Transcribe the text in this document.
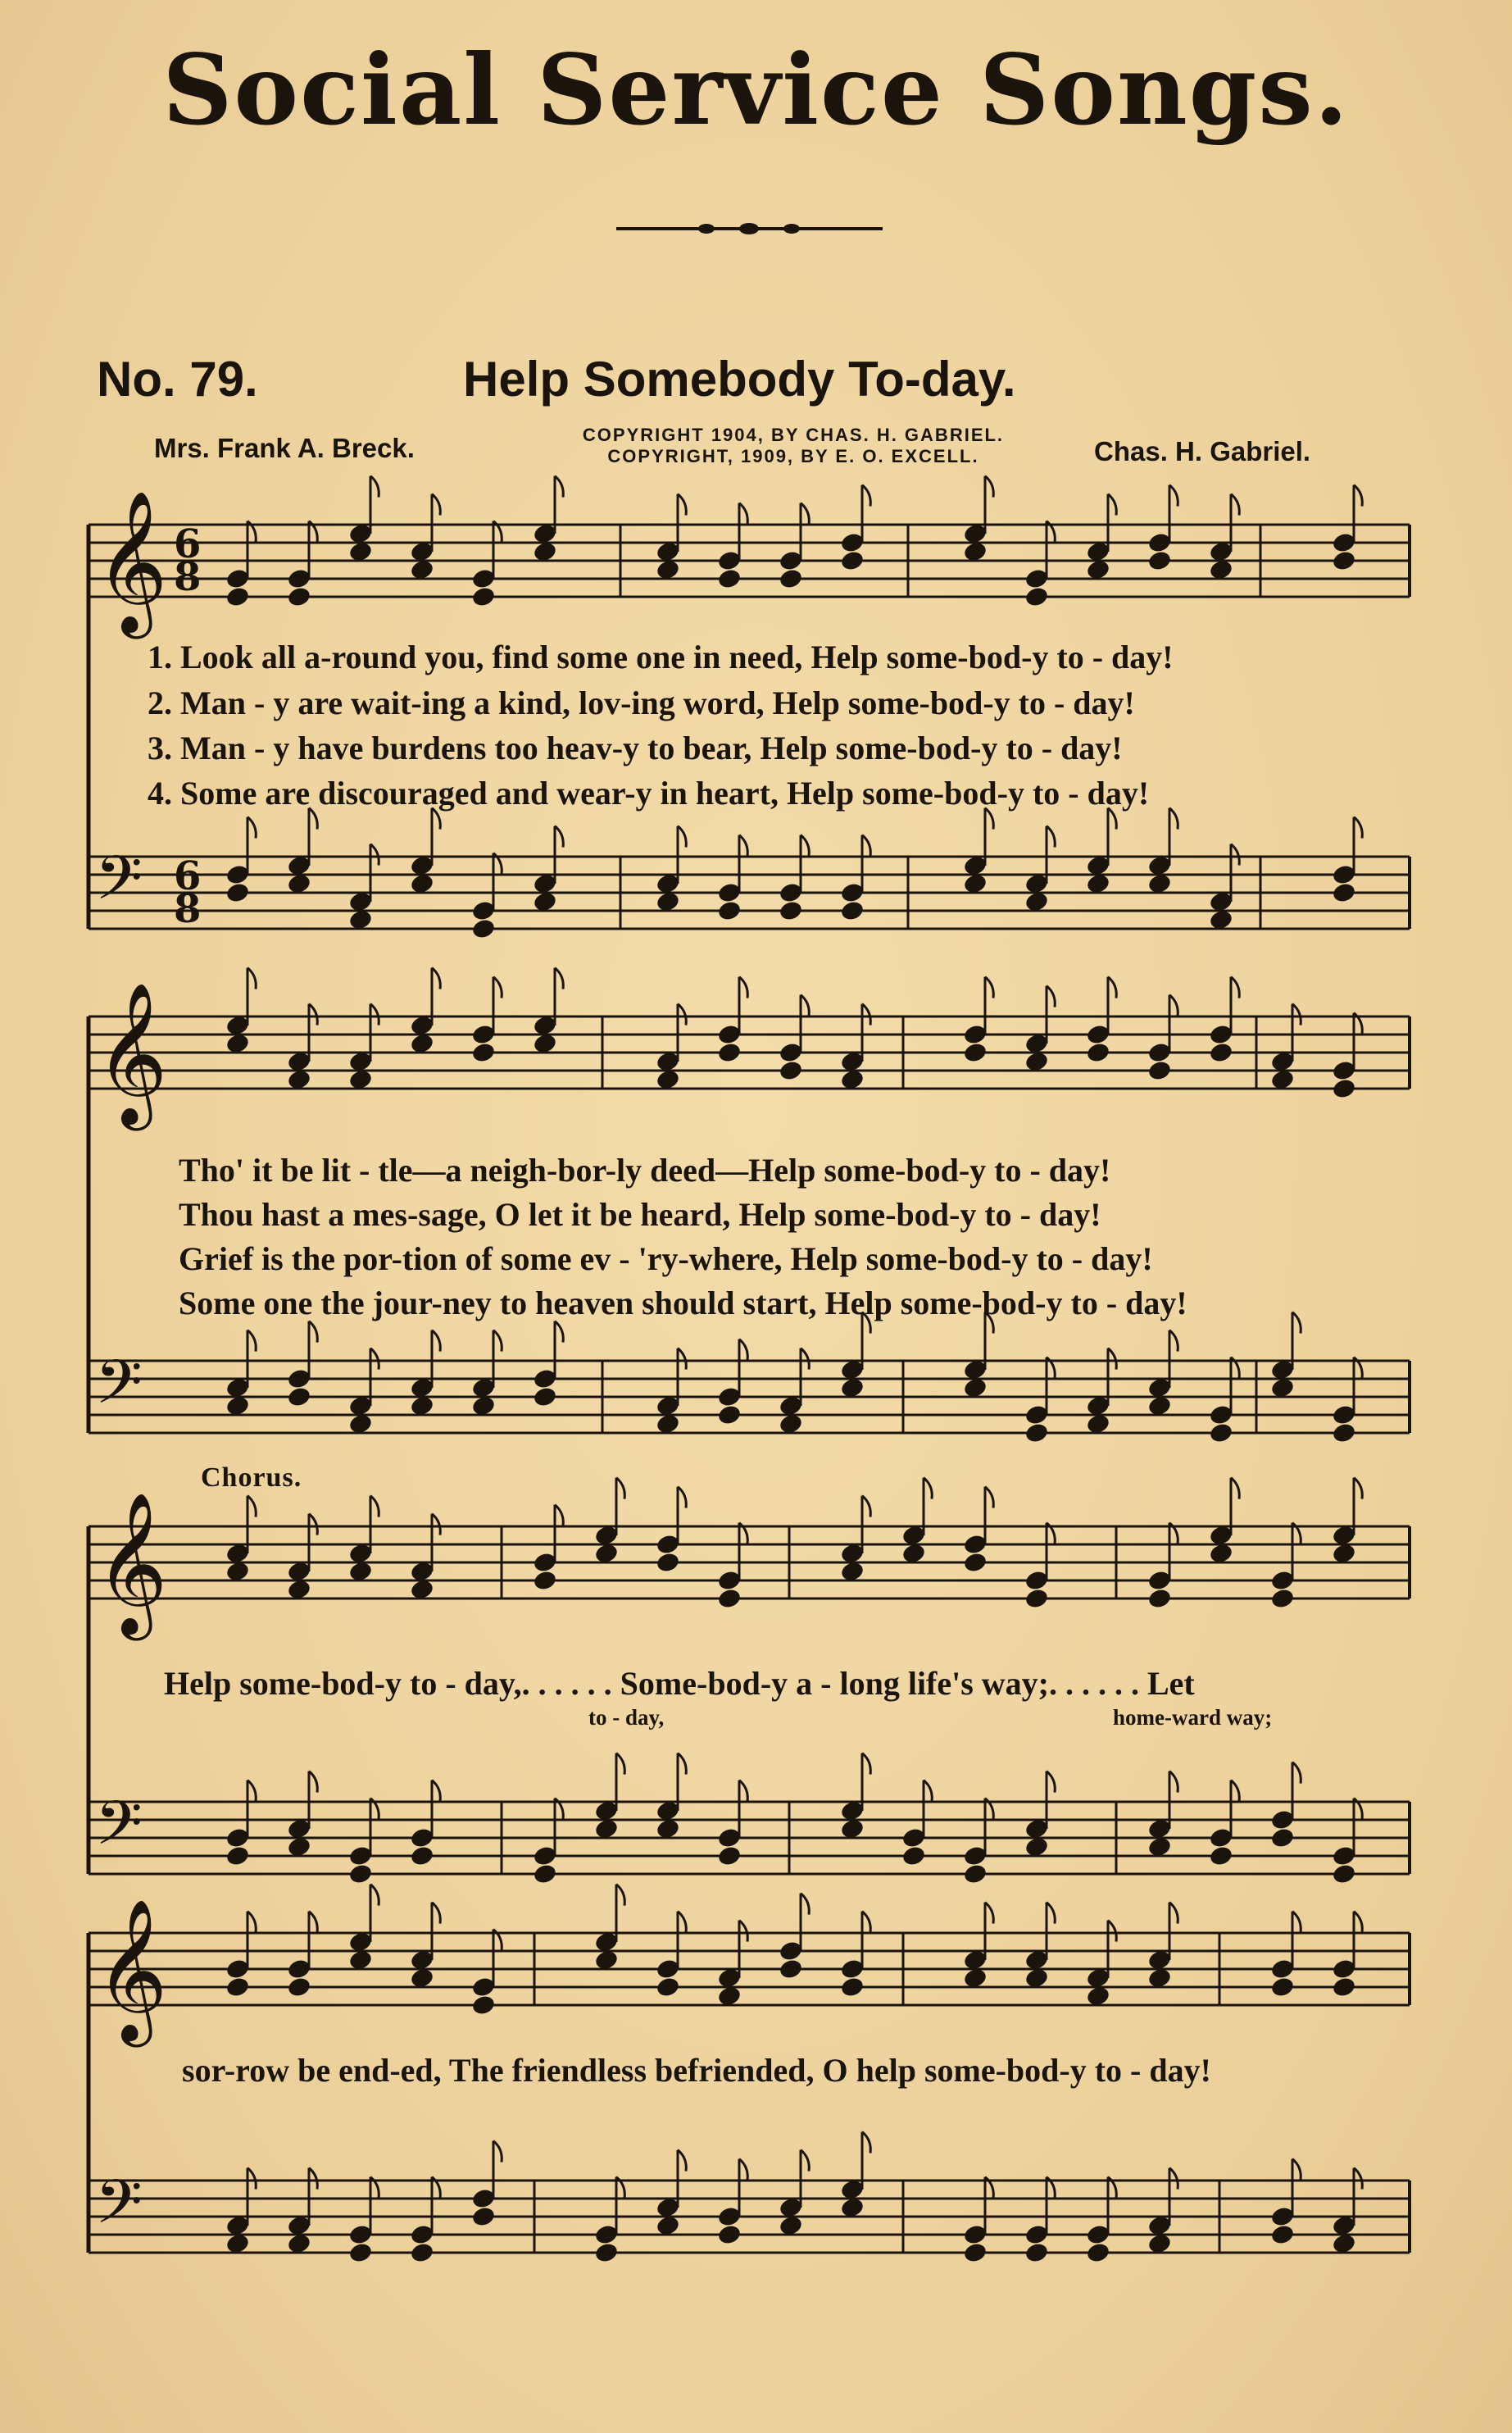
Social Service Songs.
No. 79.	Help Somebody To-day.
Mrs. Frank A. Breck.	COPYRIGHT 1904, BY CHAS. H. GABRIEL.
COPYRIGHT, 1909, BY E. O. EXCELL.	Chas. H. Gabriel.
𝄞
𝄢
𝄞
𝄢
𝄞
𝄢
𝄞
𝄢
6
6
8
8
1. Look all a-round you, find some one in need, Help some-bod-y to - day!
2. Man - y are wait-ing a kind, lov-ing word, Help some-bod-y to - day!
3. Man - y have burdens too heav-y to bear, Help some-bod-y to - day!
4. Some are discouraged and wear-y in heart, Help some-bod-y to - day!
Tho' it be lit - tle—a neigh-bor-ly deed—Help some-bod-y to - day!
Thou hast a mes-sage, O let it be heard, Help some-bod-y to - day!
Grief is the por-tion of some ev - 'ry-where, Help some-bod-y to - day!
Some one the jour-ney to heaven should start, Help some-bod-y to - day!
Chorus.
Help some-bod-y to - day,. . . . . . Some-bod-y a - long life's way;. . . . . . Let
to - day,	home-ward way;
sor-row be end-ed, The friendless befriended, O help some-bod-y to - day!
